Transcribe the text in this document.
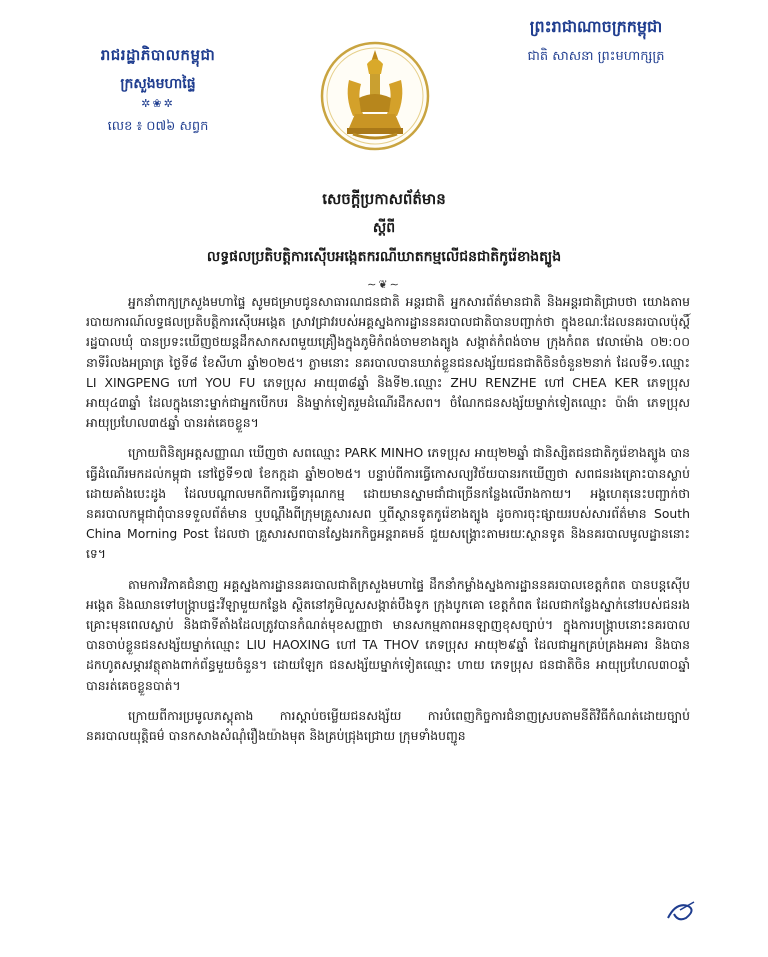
រាជរដ្ឋាភិបាលកម្ពុជា
ក្រសួងមហាផ្ទៃ
✲❀✲
លេខ ៖ ០៧៦ សព្វក
ព្រះរាជាណាចក្រកម្ពុជា
ជាតិ សាសនា ព្រះមហាក្សត្រ
សេចក្តីប្រកាសព័ត៌មាន
ស្តីពី
លទ្ធផលប្រតិបត្តិការស៊ើបអង្កេតករណីឃាតកម្មលើជនជាតិកូរ៉េខាងត្បូង
∼❦∼

អ្នកនាំពាក្យក្រសួងមហាផ្ទៃ សូមជម្រាបជូនសាធារណជនជាតិ អន្តរជាតិ អ្នកសារព័ត៌មានជាតិ និងអន្តរជាតិជ្រាបថា យោងតាមរបាយការណ៍លទ្ធផលប្រតិបត្តិការស៊ើបអង្កេត ស្រាវជ្រាវរបស់អគ្គស្នងការដ្ឋាននគរបាលជាតិបានបញ្ជាក់ថា ក្នុងខណៈដែលនគរបាលប៉ុស្តិ៍រដ្ឋបាលឃុំ បានប្រទះឃើញថយន្តដឹកសាកសពមួយគ្រឿងក្នុងភូមិកំពង់ចាមខាងត្បូង សង្កាត់កំពង់ចាម ក្រុងកំពត វេលាម៉ោង ០២:០០ នាទីរំលងអធ្រាត្រ ថ្ងៃទី៨ ខែសីហា ឆ្នាំ២០២៥។ ភ្លាមនោះ នគរបាលបានឃាត់ខ្លួនជនសង្ស័យជនជាតិចិនចំនួន២នាក់ ដែលទី១.ឈ្មោះ LI XINGPENG ហៅ YOU FU ភេទប្រុស អាយុ៣៨ឆ្នាំ និងទី២.ឈ្មោះ ZHU RENZHE ហៅ CHEA KER ភេទប្រុស អាយុ៤៣ឆ្នាំ ដែលក្នុងនោះម្នាក់ជាអ្នកបើកបរ និងម្នាក់ទៀតរួមដំណើរដឹកសព។ ចំណែកជនសង្ស័យម្នាក់ទៀតឈ្មោះ ប៉ាង៉ា ភេទប្រុស អាយុប្រហែល៣៥ឆ្នាំ បានរត់គេចខ្លួន។

ក្រោយពិនិត្យអត្តសញ្ញាណ ឃើញថា សពឈ្មោះ PARK MINHO ភេទប្រុស អាយុ២២ឆ្នាំ ជានិស្សិតជនជាតិកូរ៉េខាងត្បូង បានធ្វើដំណើរមកដល់កម្ពុជា នៅថ្ងៃទី១៧ ខែកក្កដា ឆ្នាំ២០២៥។ បន្ទាប់ពីការធ្វើកោសល្យវិច័យបានរកឃើញថា សពជនរងគ្រោះបានស្លាប់ដោយគាំងបេះដូង ដែលបណ្តាលមកពីការធ្វើទារុណកម្ម ដោយមានស្នាមជាំជាច្រើនកន្លែងលើរាងកាយ។ អង្គហេតុនេះបញ្ជាក់ថា នគរបាលកម្ពុជាពុំបានទទួលព័ត៌មាន ឬបណ្តឹងពីក្រុមគ្រួសារសព ឬពីស្ថានទូតកូរ៉េខាងត្បូង ដូចការចុះផ្សាយរបស់សារព័ត៌មាន South China Morning Post ដែលថា គ្រួសារសពបានស្វែងរកកិច្ចអន្តរាគមន៍ ជួយសង្គ្រោះតាមរយៈស្ថានទូត និងនគរបាលមូលដ្ឋាននោះទេ។

តាមការវិភាគជំនាញ អគ្គស្នងការដ្ឋាននគរបាលជាតិក្រសួងមហាផ្ទៃ ដឹកនាំកម្លាំងស្នងការដ្ឋាននគរបាលខេត្តកំពត បានបន្តស៊ើបអង្កេត និងឈានទៅបង្ក្រាបផ្ទះវីឡាមួយកន្លែង ស្ថិតនៅភូមិលួសសង្កាត់បឹងទូក ក្រុងបូកគោ ខេត្តកំពត ដែលជាកន្លែងស្នាក់នៅរបស់ជនរងគ្រោះមុនពេលស្លាប់ និងជាទីតាំងដែលត្រូវបានកំណត់មុខសញ្ញាថា មានសកម្មភាពអនឡាញខុសច្បាប់។ ក្នុងការបង្ក្រាបនោះនគរបាលបានចាប់ខ្លួនជនសង្ស័យម្នាក់ឈ្មោះ LIU HAOXING ហៅ TA THOV ភេទប្រុស អាយុ២៩ឆ្នាំ ដែលជាអ្នកគ្រប់គ្រងអគារ និងបានដកហូតសម្ភារវត្ថុតាងពាក់ព័ន្ធមួយចំនួន។ ដោយឡែក ជនសង្ស័យម្នាក់ទៀតឈ្មោះ ហាយ ភេទប្រុស ជនជាតិចិន អាយុប្រហែល៣០ឆ្នាំ បានរត់គេចខ្លួនបាត់។

ក្រោយពីការប្រមូលភស្តុតាង ការស្តាប់ចម្លើយជនសង្ស័យ ការបំពេញកិច្ចការជំនាញស្របតាមនីតិវិធីកំណត់ដោយច្បាប់ នគរបាលយុត្តិធម៌ បានកសាងសំណុំរឿងយ៉ាងមុត និងគ្រប់ជ្រុងជ្រោយ ក្រុមទាំងបញ្ជូន
